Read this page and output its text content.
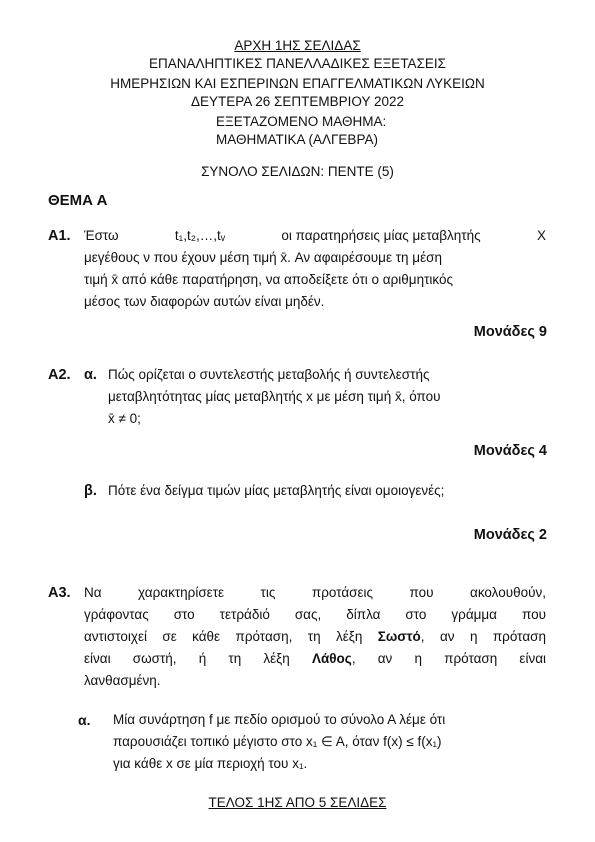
ΑΡΧΗ 1ΗΣ ΣΕΛΙΔΑΣ
ΕΠΑΝΑΛΗΠΤΙΚΕΣ ΠΑΝΕΛΛΑΔΙΚΕΣ ΕΞΕΤΑΣΕΙΣ
ΗΜΕΡΗΣΙΩΝ ΚΑΙ ΕΣΠΕΡΙΝΩΝ ΕΠΑΓΓΕΛΜΑΤΙΚΩΝ ΛΥΚΕΙΩΝ
ΔΕΥΤΕΡΑ 26 ΣΕΠΤΕΜΒΡΙΟΥ 2022
ΕΞΕΤΑΖΟΜΕΝΟ ΜΑΘΗΜΑ:
ΜΑΘΗΜΑΤΙΚΑ (ΑΛΓΕΒΡΑ)
ΣΥΝΟΛΟ ΣΕΛΙΔΩΝ: ΠΕΝΤΕ (5)
ΘΕΜΑ Α
Α1. Έστω	t₁,t₂,…,tᵥ	οι παρατηρήσεις μίας μεταβλητής	X
μεγέθους ν που έχουν μέση τιμή x̄. Αν αφαιρέσουμε τη μέση
τιμή x̄ από κάθε παρατήρηση, να αποδείξετε ότι ο αριθμητικός
μέσος των διαφορών αυτών είναι μηδέν.
Μονάδες 9
Α2. α. Πώς ορίζεται ο συντελεστής μεταβολής ή συντελεστής
μεταβλητότητας μίας μεταβλητής x με μέση τιμή x̄, όπου
x̄ ≠ 0;
Μονάδες 4
β. Πότε ένα δείγμα τιμών μίας μεταβλητής είναι ομοιογενές;
Μονάδες 2
Α3. Να χαρακτηρίσετε τις προτάσεις που ακολουθούν,
γράφοντας στο τετράδιό σας, δίπλα στο γράμμα που
αντιστοιχεί σε κάθε πρόταση, τη λέξη Σωστό, αν η πρόταση
είναι σωστή, ή τη λέξη Λάθος, αν η πρόταση είναι
λανθασμένη.
α. Μία συνάρτηση f με πεδίο ορισμού το σύνολο Α λέμε ότι
παρουσιάζει τοπικό μέγιστο στο x₁ ∈ A, όταν f(x) ≤ f(x₁)
για κάθε x σε μία περιοχή του x₁.
ΤΕΛΟΣ 1ΗΣ ΑΠΟ 5 ΣΕΛΙΔΕΣ
